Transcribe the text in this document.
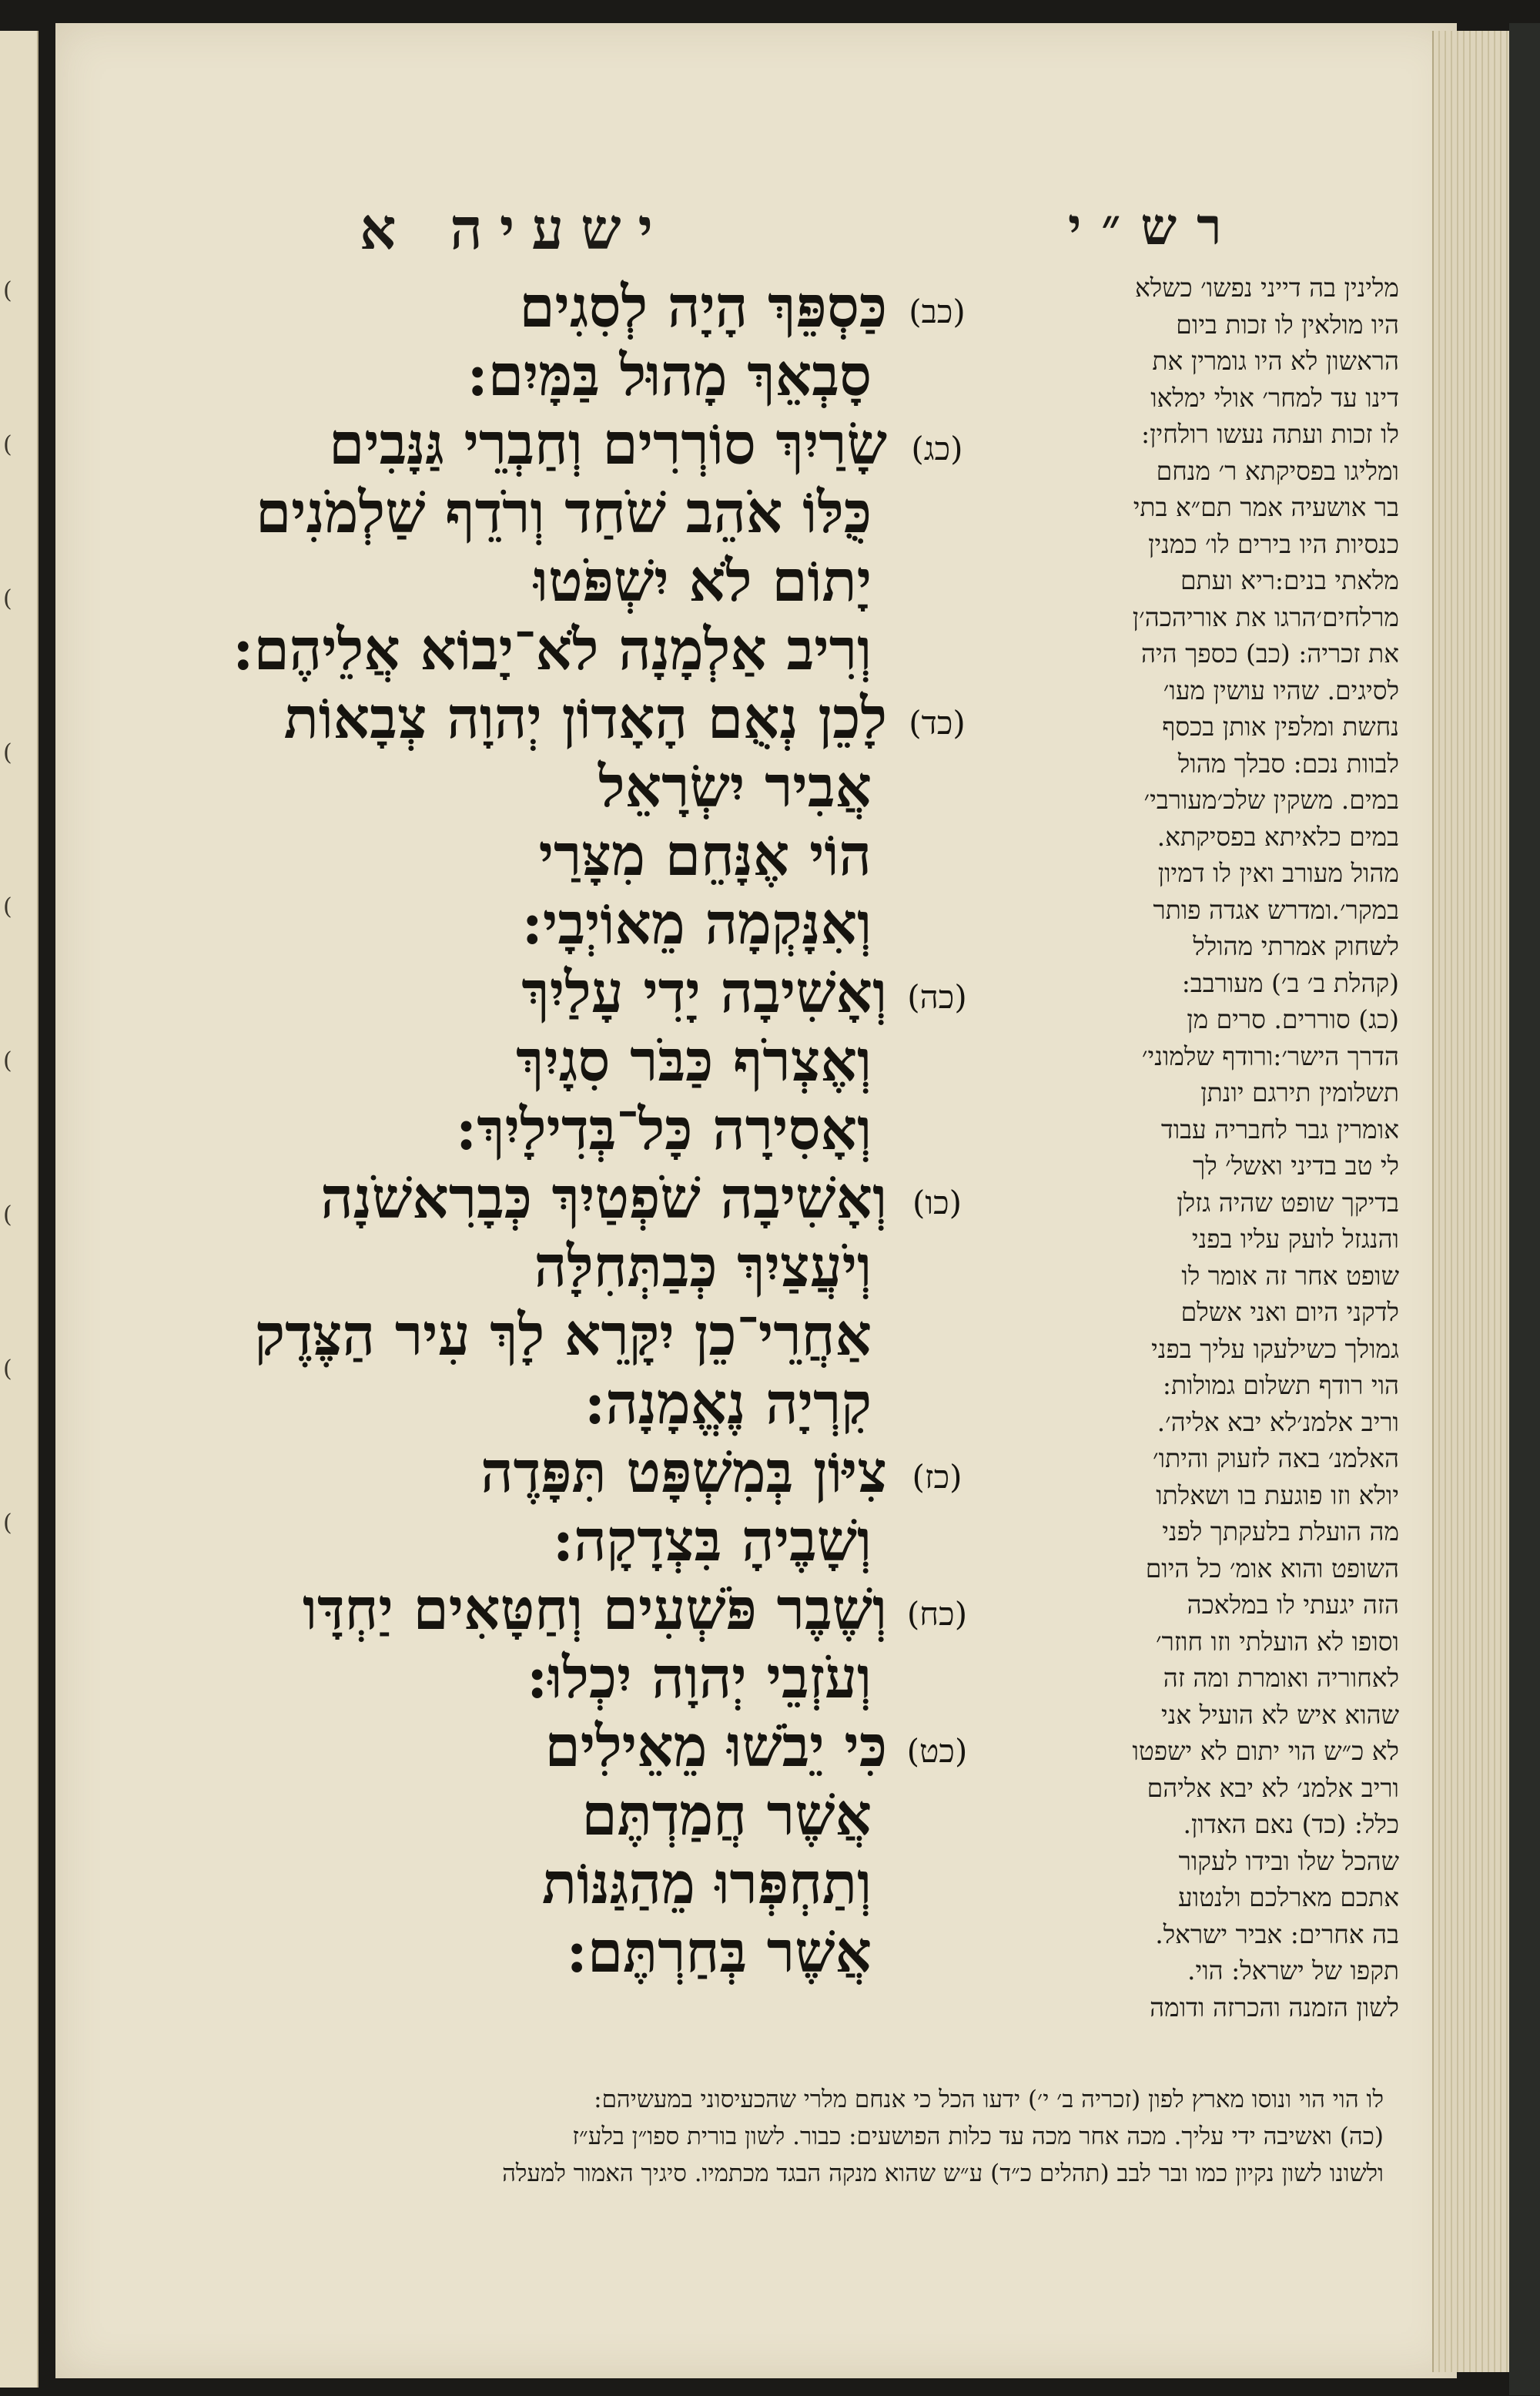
(
(
(
(
(
(
(
(
(
ישעיה א	רש״י
(כב)כַּסְפֵּךְ הָיָה לְסִגִים
סָבְאֵךְ מָהוּל בַּמָּיִם:
(כג)שָׂרַיִךְ סוֹרְרִים וְחַבְרֵי גַּנָּבִים
כֻּלּוֹ אֹהֵב שֹׁחַד וְרֹדֵף שַׁלְמֹנִים
יָתוֹם לֹא יִשְׁפֹּטוּ
וְרִיב אַלְמָנָה לֹא־יָבוֹא אֲלֵיהֶם:
(כד)לָכֵן נְאֻם הָאָדוֹן יְהוָה צְבָאוֹת
אֲבִיר יִשְׂרָאֵל
הוֹי אֶנָּחֵם מִצָּרַי
וְאִנָּקְמָה מֵאוֹיְבָי:
(כה)וְאָשִׁיבָה יָדִי עָלַיִךְ
וְאֶצְרֹף כַּבֹּר סִגָיִךְ
וְאָסִירָה כָּל־בְּדִילָיִךְ:
(כו)וְאָשִׁיבָה שֹׁפְטַיִךְ כְּבָרִאשֹׁנָה
וְיֹעֲצַיִךְ כְּבַתְּחִלָּה
אַחֲרֵי־כֵן יִקָּרֵא לָךְ עִיר הַצֶּדֶק
קִרְיָה נֶאֱמָנָה:
(כז)צִיּוֹן בְּמִשְׁפָּט תִּפָּדֶה
וְשָׁבֶיהָ בִּצְדָקָה:
(כח)וְשֶׁבֶר פֹּשְׁעִים וְחַטָּאִים יַחְדָּו
וְעֹזְבֵי יְהוָה יִכְלוּ:
(כט)כִּי יֵבֹשׁוּ מֵאֵילִים
אֲשֶׁר חֲמַדְתֶּם
וְתַחְפְּרוּ מֵהַגַּנּוֹת
אֲשֶׁר בְּחַרְתֶּם:
מלינין בה דייני נפשו׳ כשלא
היו מולאין לו זכות ביום
הראשון לא היו גומרין את
דינו עד למחר׳ אולי ימלאו
לו זכות ועתה נעשו רולחין:
ומליגו בפסיקתא ר׳ מנחם
בר אושעיה אמר תם״א בתי
כנסיות היו בירים לו׳ כמנין
מלאתי בנים:ריא ועתם
מרלחים׳הרגו את אוריהכה׳ן
את זכריה: (כב) כספך היה
לסיגים. שהיו עושין מעו׳
נחשת ומלפין אותן בכסף
לבוות נכם: סבלך מהול
במים. משקין שלכ׳מעורבי׳
במים כלאיתא בפסיקתא.
מהול מעורב ואין לו דמיון
במקר׳.ומדרש אגדה פותר
לשחוק אמרתי מהולל
(קהלת ב׳ ב׳) מעורבב:
(כג) סוררים. סרים מן
הדרך הישר׳:ורודף שלמוני׳
תשלומין תירגם יונתן
אומרין גבר לחבריה עבוד
לי טב בדיני ואשל׳ לך
בדיקך שופט שהיה גזלן
והנגזל לועק עליו בפני
שופט אחר זה אומר לו
לדקני היום ואני אשלם
גמולך כשילעקו עליך בפני
הוי רודף תשלום גמולות:
וריב אלמנ׳לא יבא אליה׳.
האלמנ׳ באה לזעוק והיתו׳
יולא וזו פוגעת בו ושאלתו
מה הועלת בלעקתך לפני
השופט והוא אומ׳ כל היום
הזה יגעתי לו במלאכה
וסופו לא הועלתי וזו חוזר׳
לאחוריה ואומרת ומה זה
שהוא איש לא הועיל אני
לא כ״ש הוי יתום לא ישפטו
וריב אלמנ׳ לא יבא אליהם
כלל: (כד) נאם האדון.
שהכל שלו ובידו לעקור
אתכם מארלכם ולנטוע
בה אחרים: אביר ישראל.
תקפו של ישראל: הוי.
לשון הזמנה והכרזה ודומה
לו הוי הוי ונוסו מארץ לפון (זכריה ב׳ י׳) ידעו הכל כי אנחם מלרי שהכעיסוני במעשיהם:
(כה) ואשיבה ידי עליך. מכה אחר מכה עד כלות הפושעים: כבור. לשון בורית ספו״ן בלע״ז
ולשונו לשון נקיון כמו ובר לבב (תהלים כ״ד) ע״ש שהוא מנקה הבגד מכתמיו. סיגיך האמור למעלה
